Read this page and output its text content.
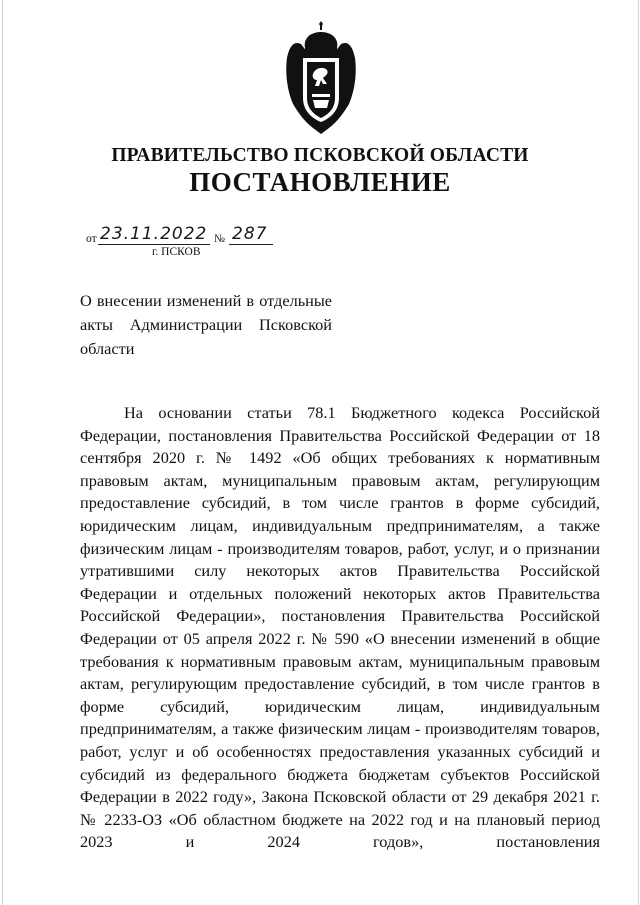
ПРАВИТЕЛЬСТВО ПСКОВСКОЙ ОБЛАСТИ
ПОСТАНОВЛЕНИЕ
от 23.11.2022 № 287
г. ПСКОВ
О внесении изменений в отдельные акты Администрации Псковской области
На основании статьи 78.1 Бюджетного кодекса Российской Федерации, постановления Правительства Российской Федерации от 18 сентября 2020 г. № 1492 «Об общих требованиях к нормативным правовым актам, муниципальным правовым актам, регулирующим предоставление субсидий, в том числе грантов в форме субсидий, юридическим лицам, индивидуальным предпринимателям, а также физическим лицам - производителям товаров, работ, услуг, и о признании утратившими силу некоторых актов Правительства Российской Федерации и отдельных положений некоторых актов Правительства Российской Федерации», постановления Правительства Российской Федерации от 05 апреля 2022 г. № 590 «О внесении изменений в общие требования к нормативным правовым актам, муниципальным правовым актам, регулирующим предоставление субсидий, в том числе грантов в форме субсидий, юридическим лицам, индивидуальным предпринимателям, а также физическим лицам - производителям товаров, работ, услуг и об особенностях предоставления указанных субсидий и субсидий из федерального бюджета бюджетам субъектов Российской Федерации в 2022 году», Закона Псковской области от 29 декабря 2021 г. № 2233-ОЗ «Об областном бюджете на 2022 год и на плановый период 2023 и 2024 годов», постановления
